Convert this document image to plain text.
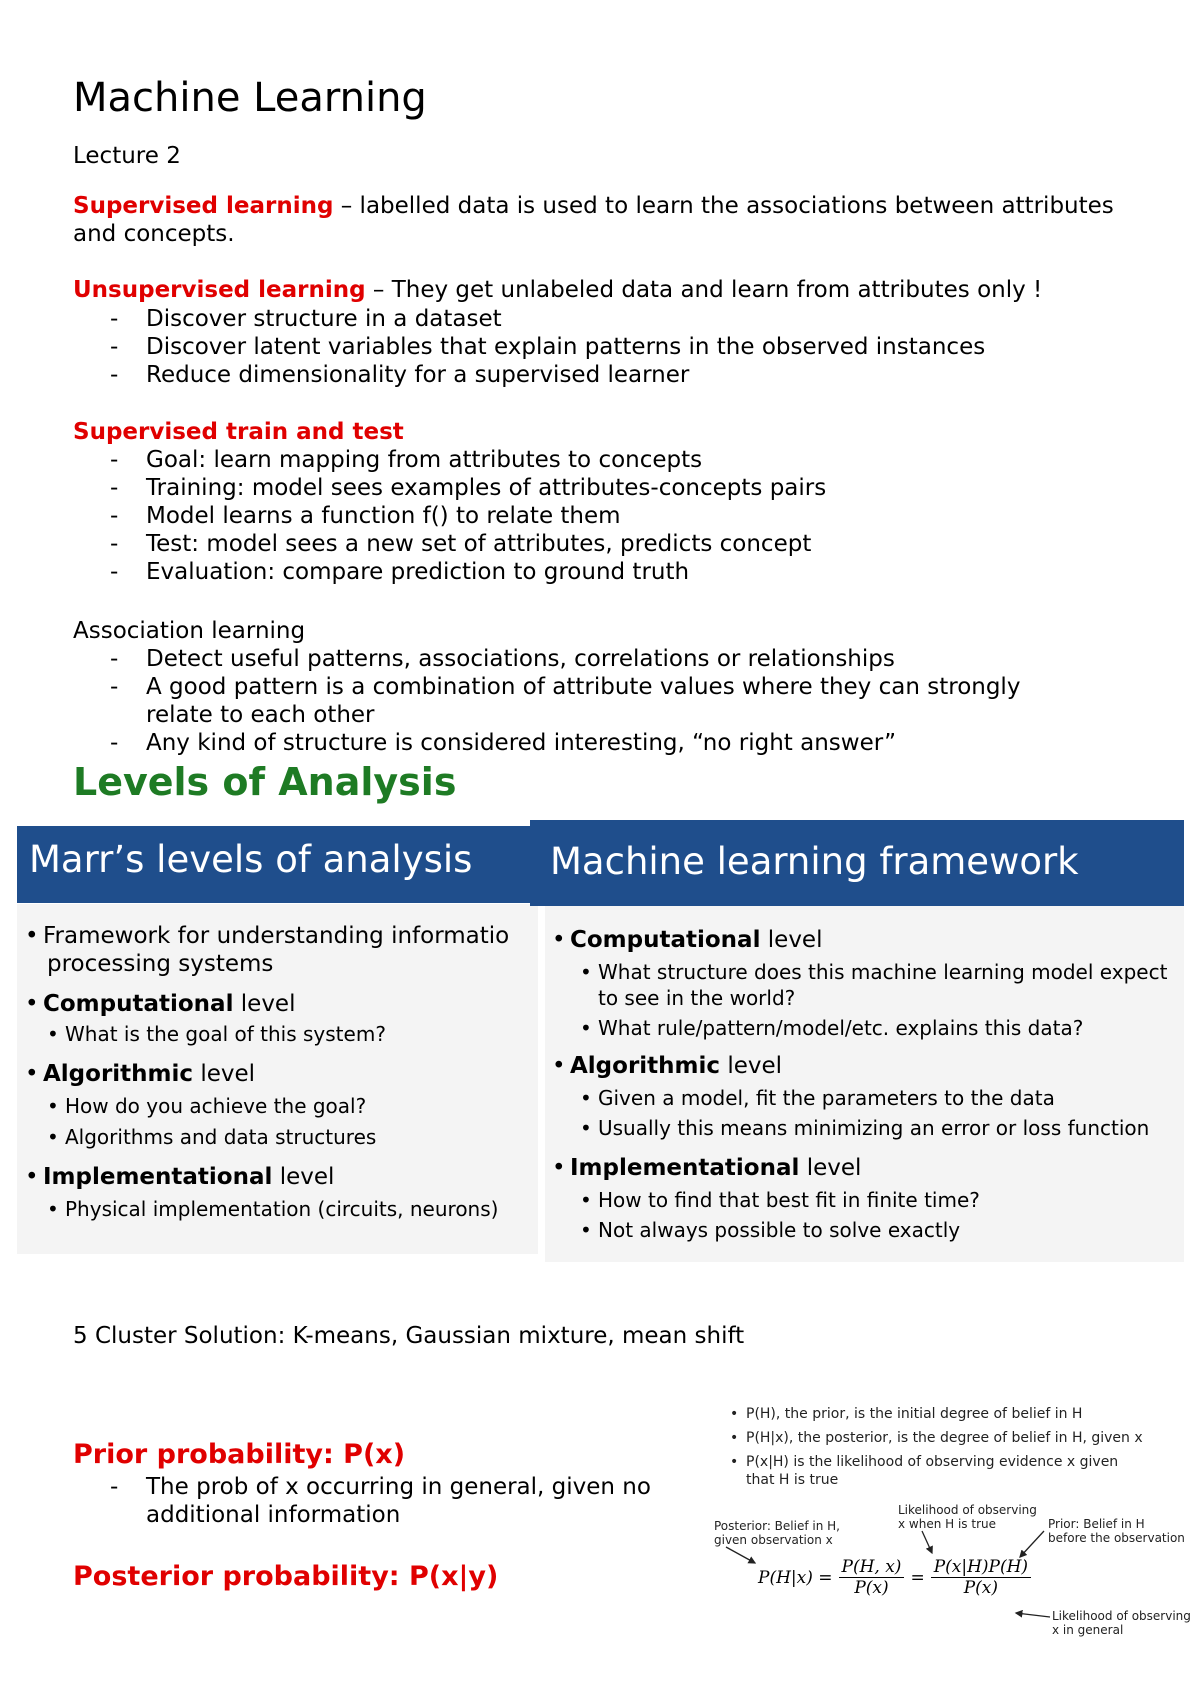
Machine Learning
Lecture 2
Supervised learning – labelled data is used to learn the associations between attributes and concepts.
Unsupervised learning – They get unlabeled data and learn from attributes only !
- Discover structure in a dataset
- Discover latent variables that explain patterns in the observed instances
- Reduce dimensionality for a supervised learner
Supervised train and test
- Goal: learn mapping from attributes to concepts
- Training: model sees examples of attributes-concepts pairs
- Model learns a function f() to relate them
- Test: model sees a new set of attributes, predicts concept
- Evaluation: compare prediction to ground truth
Association learning
- Detect useful patterns, associations, correlations or relationships
- A good pattern is a combination of attribute values where they can strongly relate to each other
- Any kind of structure is considered interesting, “no right answer”
Levels of Analysis
Marr’s levels of analysis Machine learning framework
• Framework for understanding informatio
processing systems
• Computational level
• What is the goal of this system?
• Algorithmic level
• How do you achieve the goal?
• Algorithms and data structures
• Implementational level
• Physical implementation (circuits, neurons)
• Computational level
• What structure does this machine learning model expect
to see in the world?
• What rule/pattern/model/etc. explains this data?
• Algorithmic level
• Given a model, fit the parameters to the data
• Usually this means minimizing an error or loss function
• Implementational level
• How to find that best fit in finite time?
• Not always possible to solve exactly
5 Cluster Solution: K-means, Gaussian mixture, mean shift
Prior probability: P(x)
- The prob of x occurring in general, given no additional information
Posterior probability: P(x|y)
• P(H), the prior, is the initial degree of belief in H
• P(H|x), the posterior, is the degree of belief in H, given x
• P(x|H) is the likelihood of observing evidence x given
that H is true
Likelihood of observing
x when H is true
Posterior: Belief in H,
given observation x
Prior: Belief in H
before the observation
$P(H|x) = \frac{P(H, x)}{P(x)} = \frac{P(x|H)P(H)}{P(x)}$
Likelihood of observing
x in general
